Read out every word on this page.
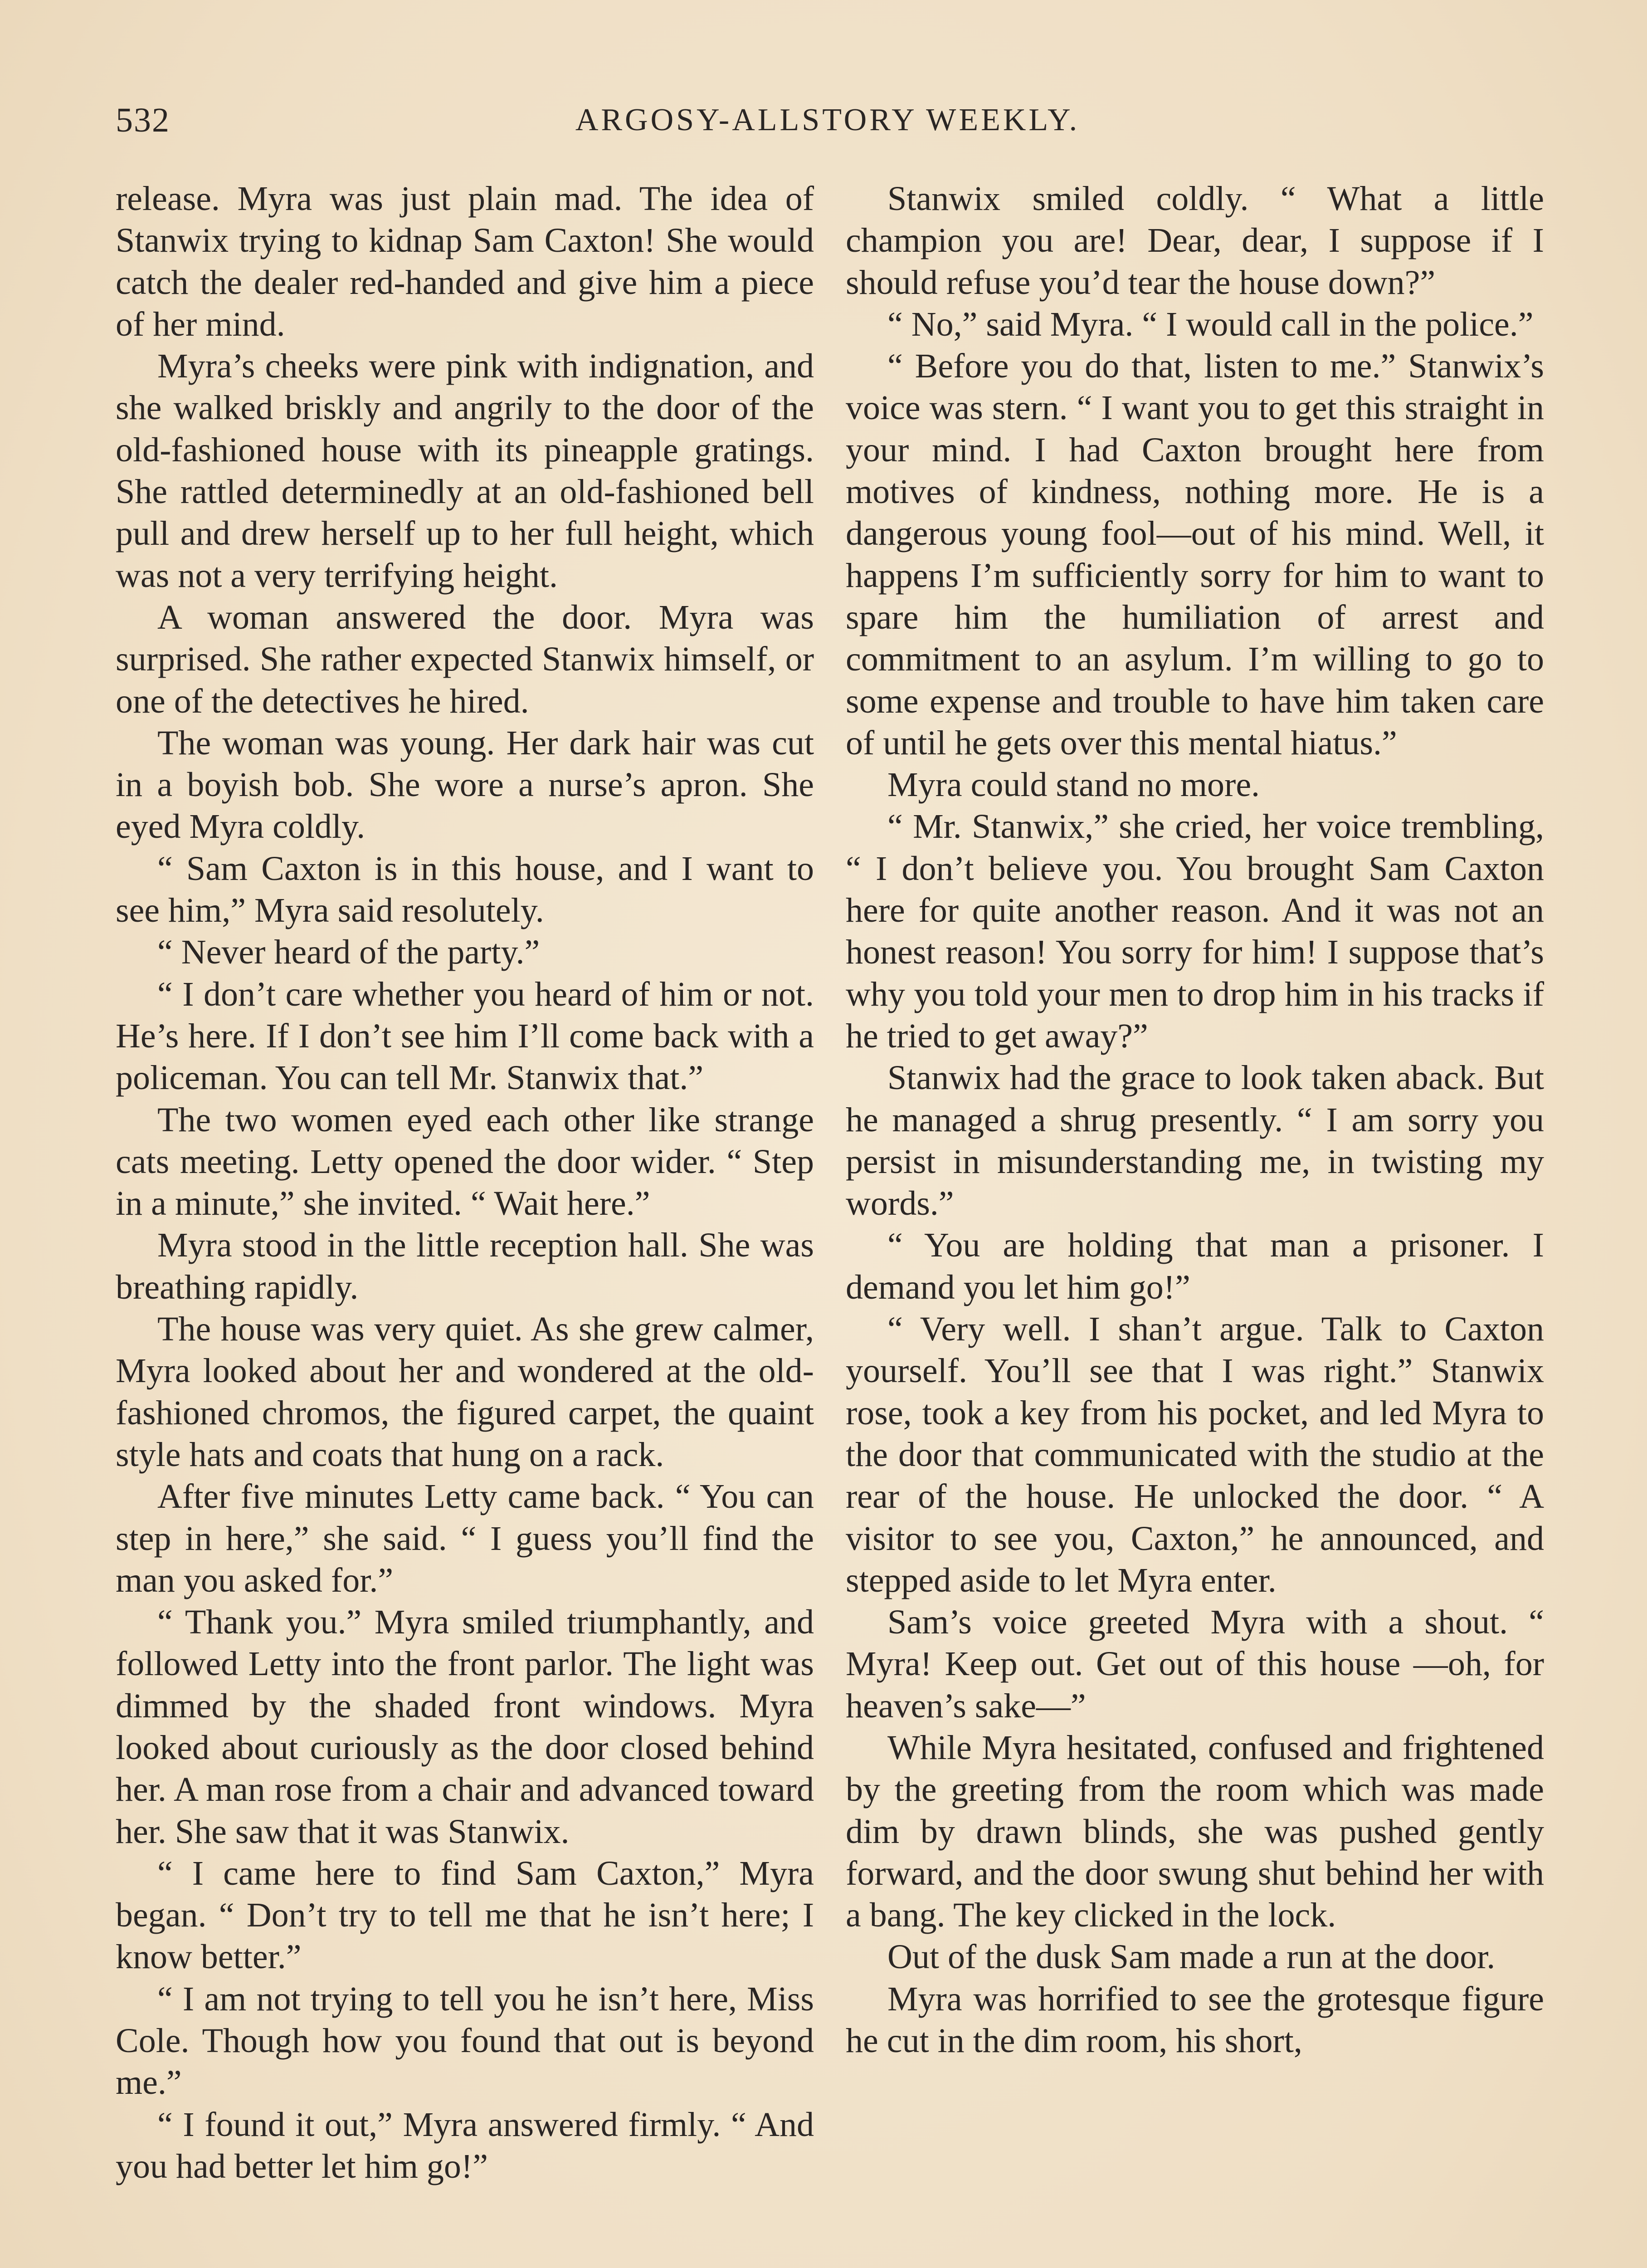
532	ARGOSY-ALLSTORY WEEKLY.

release. Myra was just plain mad. The idea of Stanwix trying to kidnap Sam Caxton! She would catch the dealer red-handed and give him a piece of her mind.

Myra’s cheeks were pink with indignation, and she walked briskly and angrily to the door of the old-fashioned house with its pineapple gratings. She rattled determinedly at an old-fashioned bell pull and drew herself up to her full height, which was not a very terrifying height.

A woman answered the door. Myra was surprised. She rather expected Stanwix himself, or one of the detectives he hired.

The woman was young. Her dark hair was cut in a boyish bob. She wore a nurse’s apron. She eyed Myra coldly.

“ Sam Caxton is in this house, and I want to see him,” Myra said resolutely.

“ Never heard of the party.”

“ I don’t care whether you heard of him or not. He’s here. If I don’t see him I’ll come back with a policeman. You can tell Mr. Stanwix that.”

The two women eyed each other like strange cats meeting. Letty opened the door wider. “ Step in a minute,” she invited. “ Wait here.”

Myra stood in the little reception hall. She was breathing rapidly.

The house was very quiet. As she grew calmer, Myra looked about her and wondered at the old-fashioned chromos, the figured carpet, the quaint style hats and coats that hung on a rack.

After five minutes Letty came back. “ You can step in here,” she said. “ I guess you’ll find the man you asked for.”

“ Thank you.” Myra smiled triumphantly, and followed Letty into the front parlor. The light was dimmed by the shaded front windows. Myra looked about curiously as the door closed behind her. A man rose from a chair and advanced toward her. She saw that it was Stanwix.

“ I came here to find Sam Caxton,” Myra began. “ Don’t try to tell me that he isn’t here; I know better.”

“ I am not trying to tell you he isn’t here, Miss Cole. Though how you found that out is beyond me.”

“ I found it out,” Myra answered firmly. “ And you had better let him go!”

Stanwix smiled coldly. “ What a little champion you are! Dear, dear, I suppose if I should refuse you’d tear the house down?”

“ No,” said Myra. “ I would call in the police.”

“ Before you do that, listen to me.” Stanwix’s voice was stern. “ I want you to get this straight in your mind. I had Caxton brought here from motives of kindness, nothing more. He is a dangerous young fool—out of his mind. Well, it happens I’m sufficiently sorry for him to want to spare him the humiliation of arrest and commitment to an asylum. I’m willing to go to some expense and trouble to have him taken care of until he gets over this mental hiatus.”

Myra could stand no more.

“ Mr. Stanwix,” she cried, her voice trembling, “ I don’t believe you. You brought Sam Caxton here for quite another reason. And it was not an honest reason! You sorry for him! I suppose that’s why you told your men to drop him in his tracks if he tried to get away?”

Stanwix had the grace to look taken aback. But he managed a shrug presently. “ I am sorry you persist in misunderstanding me, in twisting my words.”

“ You are holding that man a prisoner. I demand you let him go!”

“ Very well. I shan’t argue. Talk to Caxton yourself. You’ll see that I was right.” Stanwix rose, took a key from his pocket, and led Myra to the door that communicated with the studio at the rear of the house. He unlocked the door. “ A visitor to see you, Caxton,” he announced, and stepped aside to let Myra enter.

Sam’s voice greeted Myra with a shout. “ Myra! Keep out. Get out of this house —oh, for heaven’s sake—”

While Myra hesitated, confused and frightened by the greeting from the room which was made dim by drawn blinds, she was pushed gently forward, and the door swung shut behind her with a bang. The key clicked in the lock.

Out of the dusk Sam made a run at the door.

Myra was horrified to see the grotesque figure he cut in the dim room, his short,
